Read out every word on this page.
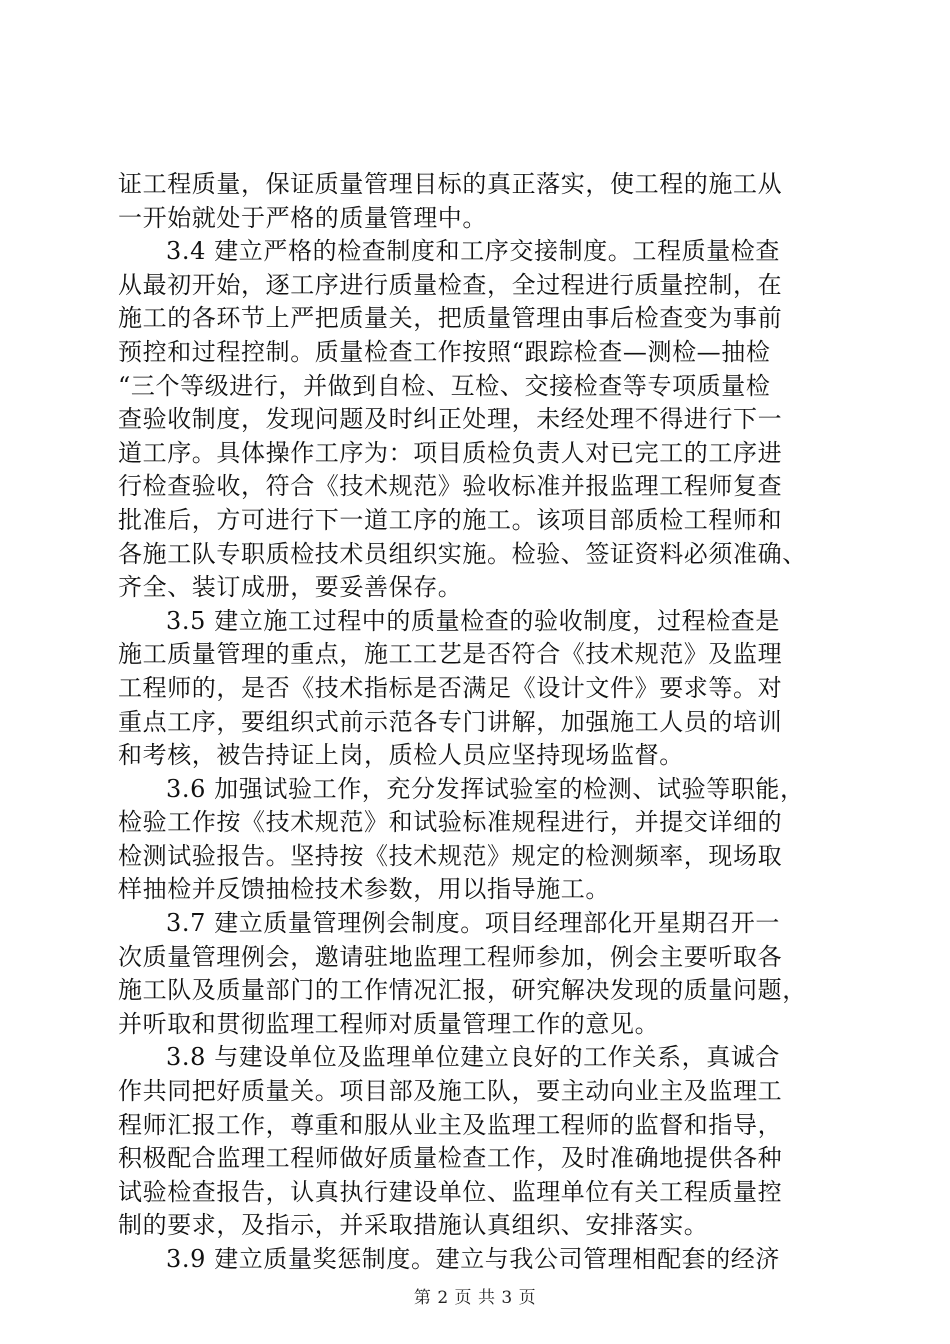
证工程质量，保证质量管理目标的真正落实，使工程的施工从
一开始就处于严格的质量管理中。
3.4 建立严格的检查制度和工序交接制度。工程质量检查
从最初开始，逐工序进行质量检查，全过程进行质量控制，在
施工的各环节上严把质量关，把质量管理由事后检查变为事前
预控和过程控制。质量检查工作按照“跟踪检查—测检—抽检
“三个等级进行，并做到自检、互检、交接检查等专项质量检
查验收制度，发现问题及时纠正处理，未经处理不得进行下一
道工序。具体操作工序为：项目质检负责人对已完工的工序进
行检查验收，符合《技术规范》验收标准并报监理工程师复查
批准后，方可进行下一道工序的施工。该项目部质检工程师和
各施工队专职质检技术员组织实施。检验、签证资料必须准确、
齐全、装订成册，要妥善保存。
3.5 建立施工过程中的质量检查的验收制度，过程检查是
施工质量管理的重点，施工工艺是否符合《技术规范》及监理
工程师的，是否《技术指标是否满足《设计文件》要求等。对
重点工序，要组织式前示范各专门讲解，加强施工人员的培训
和考核，被告持证上岗，质检人员应坚持现场监督。
3.6 加强试验工作，充分发挥试验室的检测、试验等职能，
检验工作按《技术规范》和试验标准规程进行，并提交详细的
检测试验报告。坚持按《技术规范》规定的检测频率，现场取
样抽检并反馈抽检技术参数，用以指导施工。
3.7 建立质量管理例会制度。项目经理部化开星期召开一
次质量管理例会，邀请驻地监理工程师参加，例会主要听取各
施工队及质量部门的工作情况汇报，研究解决发现的质量问题，
并听取和贯彻监理工程师对质量管理工作的意见。
3.8 与建设单位及监理单位建立良好的工作关系，真诚合
作共同把好质量关。项目部及施工队，要主动向业主及监理工
程师汇报工作，尊重和服从业主及监理工程师的监督和指导，
积极配合监理工程师做好质量检查工作，及时准确地提供各种
试验检查报告，认真执行建设单位、监理单位有关工程质量控
制的要求，及指示，并采取措施认真组织、安排落实。
3.9 建立质量奖惩制度。建立与我公司管理相配套的经济
第 2 页 共 3 页
